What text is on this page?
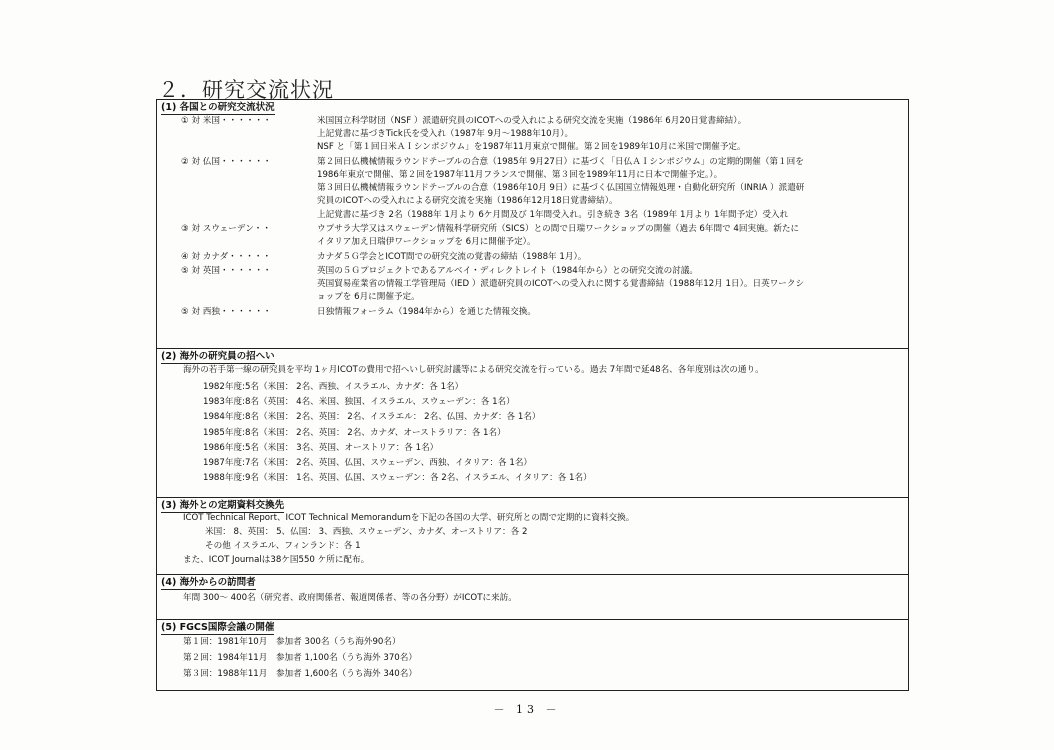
２．研究交流状況
(1) 各国との研究交流状況
① 対 米国・・・・・・	米国国立科学財団（NSF ）派遣研究員のICOTへの受入れによる研究交流を実施（1986年 6月20日覚書締結）。
上記覚書に基づきTick氏を受入れ（1987年 9月～1988年10月）。
NSF と「第１回日米ＡＩシンポジウム」を1987年11月東京で開催。第２回を1989年10月に米国で開催予定。
② 対 仏国・・・・・・	第２回日仏機械情報ラウンドテーブルの合意（1985年 9月27日）に基づく「日仏ＡＩシンポジウム」の定期的開催（第１回を
1986年東京で開催、第２回を1987年11月フランスで開催、第３回を1989年11月に日本で開催予定。）。
第３回日仏機械情報ラウンドテーブルの合意（1986年10月 9日）に基づく仏国国立情報処理・自動化研究所（INRIA ）派遣研
究員のICOTへの受入れによる研究交流を実施（1986年12月18日覚書締結）。
上記覚書に基づき 2名（1988年 1月より 6ケ月間及び 1年間受入れ。引き続き 3名（1989年 1月より 1年間予定）受入れ
③ 対 スウェーデン・・	ウプサラ大学又はスウェーデン情報科学研究所（SICS）との間で日瑞ワークショップの開催（過去 6年間で 4回実施。新たに
イタリア加え日瑞伊ワークショップを 6月に開催予定）。
④ 対 カナダ・・・・・	カナダ５Ｇ学会とICOT間での研究交流の覚書の締結（1988年 1月）。
⑤ 対 英国・・・・・・	英国の５Ｇプロジェクトであるアルベイ・ディレクトレイト（1984年から）との研究交流の討議。
英国貿易産業省の情報工学管理局（IED ）派遣研究員のICOTへの受入れに関する覚書締結（1988年12月 1日）。日英ワークシ
ョップを 6月に開催予定。
⑤ 対 西独・・・・・・	日独情報フォーラム（1984年から）を通じた情報交換。
(2) 海外の研究員の招へい
海外の若手第一線の研究員を平均 1ヶ月ICOTの費用で招へいし研究討議等による研究交流を行っている。過去 7年間で延48名、各年度別は次の通り。
1982年度:5名（米国： 2名、西独、イスラエル、カナダ：各 1名）
1983年度:8名（英国： 4名、米国、独国、イスラエル、スウェーデン：各 1名）
1984年度:8名（米国： 2名、英国： 2名、イスラエル： 2名、仏国、カナダ：各 1名）
1985年度:8名（米国： 2名、英国： 2名、カナダ、オーストラリア：各 1名）
1986年度:5名（米国： 3名、英国、オーストリア：各 1名）
1987年度:7名（米国： 2名、英国、仏国、スウェーデン、西独、イタリア：各 1名）
1988年度:9名（米国： 1名、英国、仏国、スウェーデン：各 2名、イスラエル、イタリア：各 1名）
(3) 海外との定期資料交換先
ICOT Technical Report、ICOT Technical Memorandumを下記の各国の大学、研究所との間で定期的に資料交換。
米国： 8、英国： 5、仏国： 3、西独、スウェーデン、カナダ、オーストリア：各 2
その他 イスラエル、フィンランド：各 1
また、ICOT Journalは38ケ国550 ケ所に配布。
(4) 海外からの訪問者
年間 300～ 400名（研究者、政府関係者、報道関係者、等の各分野）がICOTに来訪。
(5) FGCS国際会議の開催
第１回：1981年10月　参加者 300名（うち海外90名）
第２回：1984年11月　参加者 1,100名（うち海外 370名）
第３回：1988年11月　参加者 1,600名（うち海外 340名）
－ 13 －
